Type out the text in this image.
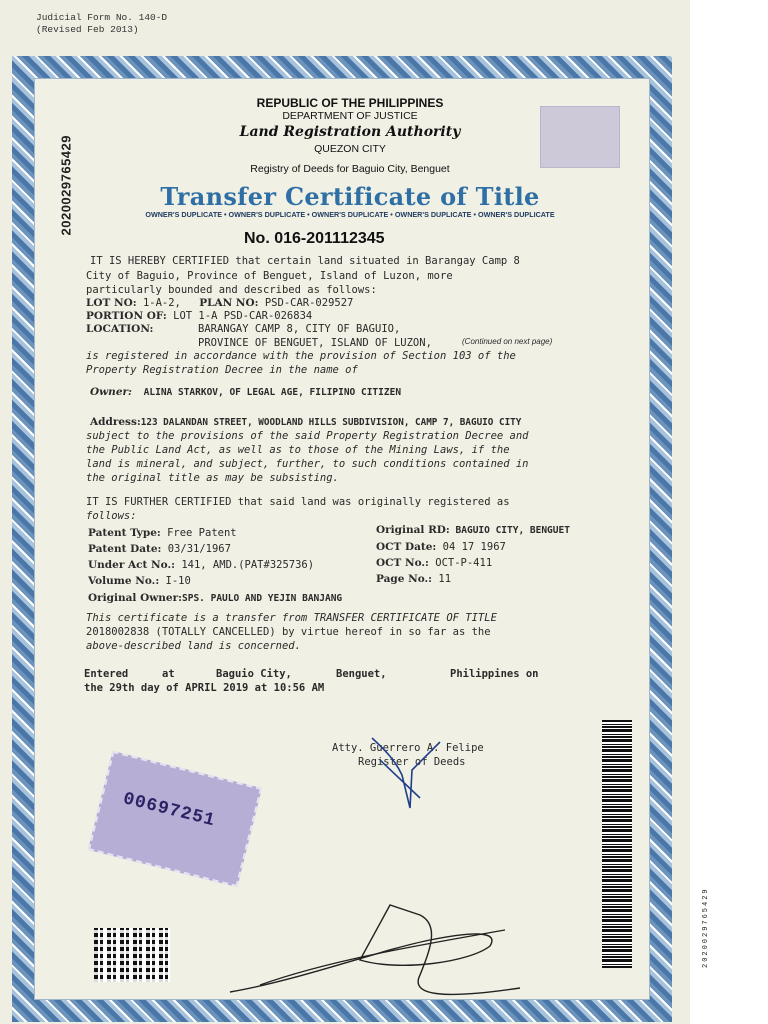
Judicial Form No. 140-D
(Revised Feb 2013)
2020029765429
REPUBLIC OF THE PHILIPPINES
DEPARTMENT OF JUSTICE
Land Registration Authority
QUEZON CITY
Registry of Deeds for Baguio City, Benguet
Transfer Certificate of Title
OWNER'S DUPLICATE • OWNER'S DUPLICATE • OWNER'S DUPLICATE • OWNER'S DUPLICATE • OWNER'S DUPLICATE
No. 016-201112345
IT IS HEREBY CERTIFIED that certain land situated in Barangay Camp 8
City of Baguio, Province of Benguet, Island of Luzon, more
particularly bounded and described as follows:
LOT NO: 1-A-2, PLAN NO: PSD-CAR-029527
PORTION OF: LOT 1-A PSD-CAR-026834
LOCATION:	BARANGAY CAMP 8, CITY OF BAGUIO,
PROVINCE OF BENGUET, ISLAND OF LUZON,	(Continued on next page)
is registered in accordance with the provision of Section 103 of the
Property Registration Decree in the name of
Owner: ALINA STARKOV, OF LEGAL AGE, FILIPINO CITIZEN
Address:123 DALANDAN STREET, WOODLAND HILLS SUBDIVISION, CAMP 7, BAGUIO CITY
subject to the provisions of the said Property Registration Decree and
the Public Land Act, as well as to those of the Mining Laws, if the
land is mineral, and subject, further, to such conditions contained in
the original title as may be subsisting.
IT IS FURTHER CERTIFIED that said land was originally registered as
follows:
Patent Type: Free Patent
Patent Date: 03/31/1967
Under Act No.: 141, AMD.(PAT#325736)
Volume No.: I-10
Original Owner:SPS. PAULO AND YEJIN BANJANG
Original RD: BAGUIO CITY, BENGUET
OCT Date: 04 17 1967
OCT No.: OCT-P-411
Page No.: 11
This certificate is a transfer from TRANSFER CERTIFICATE OF TITLE
2018002838 (TOTALLY CANCELLED) by virtue hereof in so far as the
above-described land is concerned.
Entered	at	Baguio City,	Benguet,	Philippines on
the 29th day of APRIL 2019 at 10:56 AM
Atty. Guerrero A. Felipe
Register of Deeds
00697251
2020029765429
